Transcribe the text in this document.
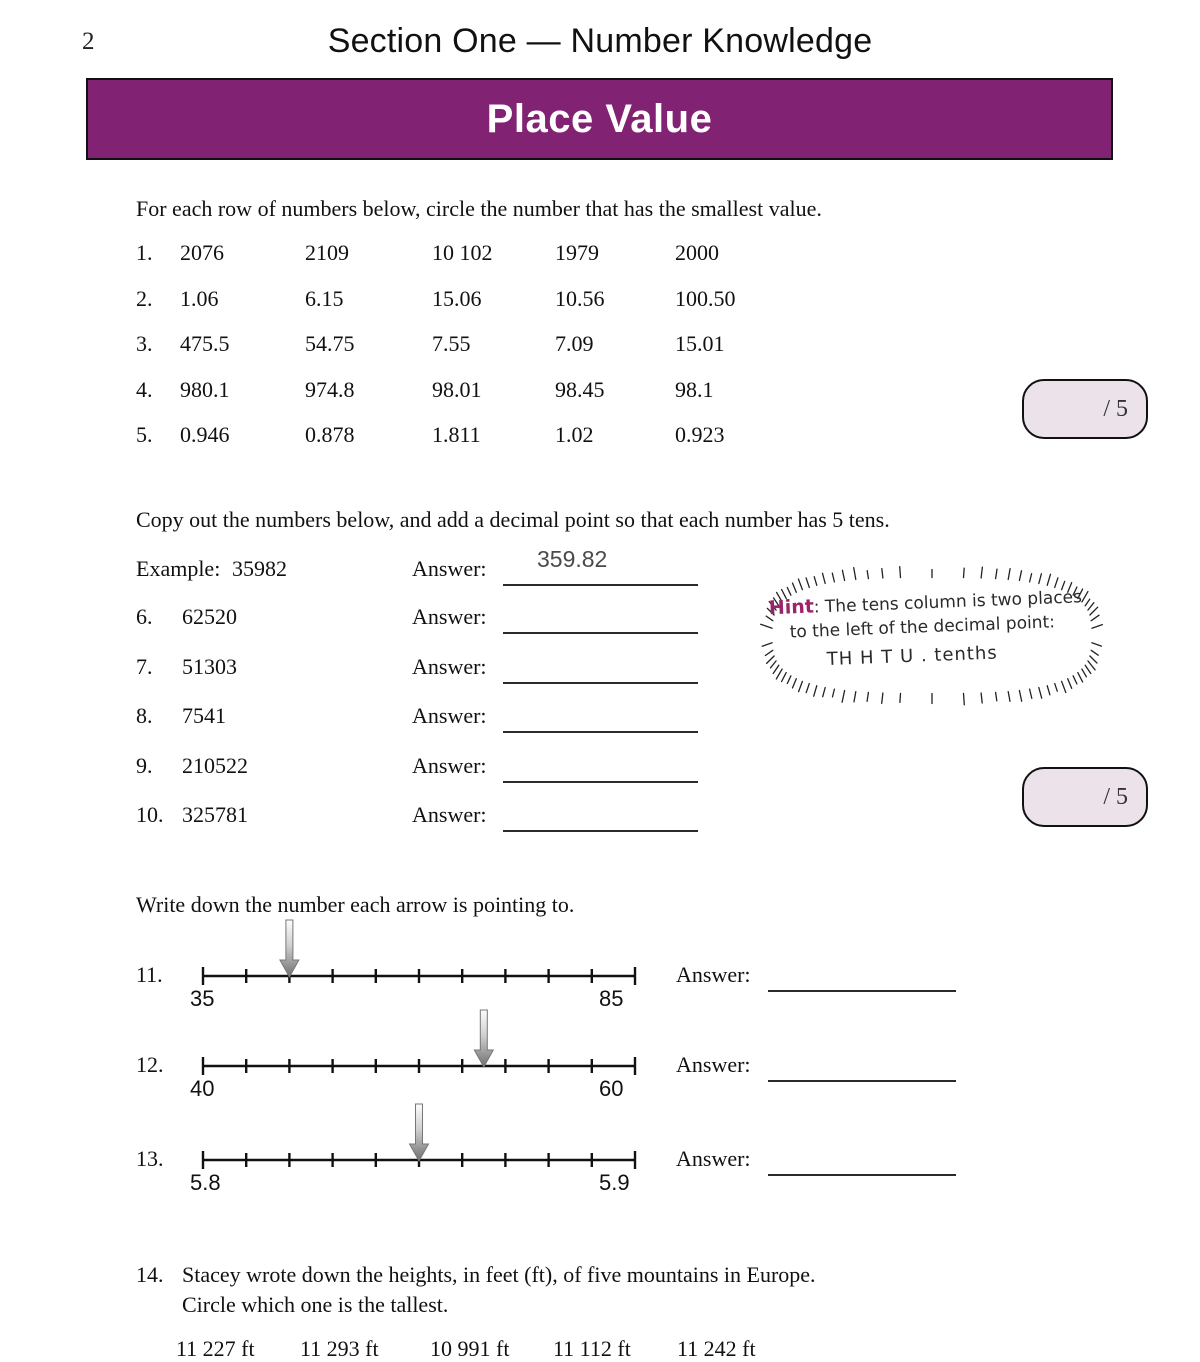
2	Section One — Number Knowledge
Place Value
For each row of numbers below, circle the number that has the smallest value.
1. 2076	2109	10 102	1979	2000
2. 1.06	6.15	15.06	10.56	100.50
3. 475.5	54.75	7.55	7.09	15.01
4. 980.1	974.8	98.01	98.45	98.1
5. 0.946	0.878	1.811	1.02	0.923
/ 5
Copy out the numbers below, and add a decimal point so that each number has 5 tens.
Example: 35982	Answer: 359.82
6. 62520	Answer:
7. 51303	Answer:
8. 7541	Answer:
9. 210522	Answer:
10. 325781	Answer:
Hint: The tens column is two places
to the left of the decimal point:
TH H T U . tenths
/ 5
Write down the number each arrow is pointing to.
11.
35	85
Answer:
12.
40	60
Answer:
13.
5.8	5.9
Answer:
14. Stacey wrote down the heights, in feet (ft), of five mountains in Europe.
Circle which one is the tallest.
11 227 ft 11 293 ft 10 991 ft 11 112 ft 11 242 ft
